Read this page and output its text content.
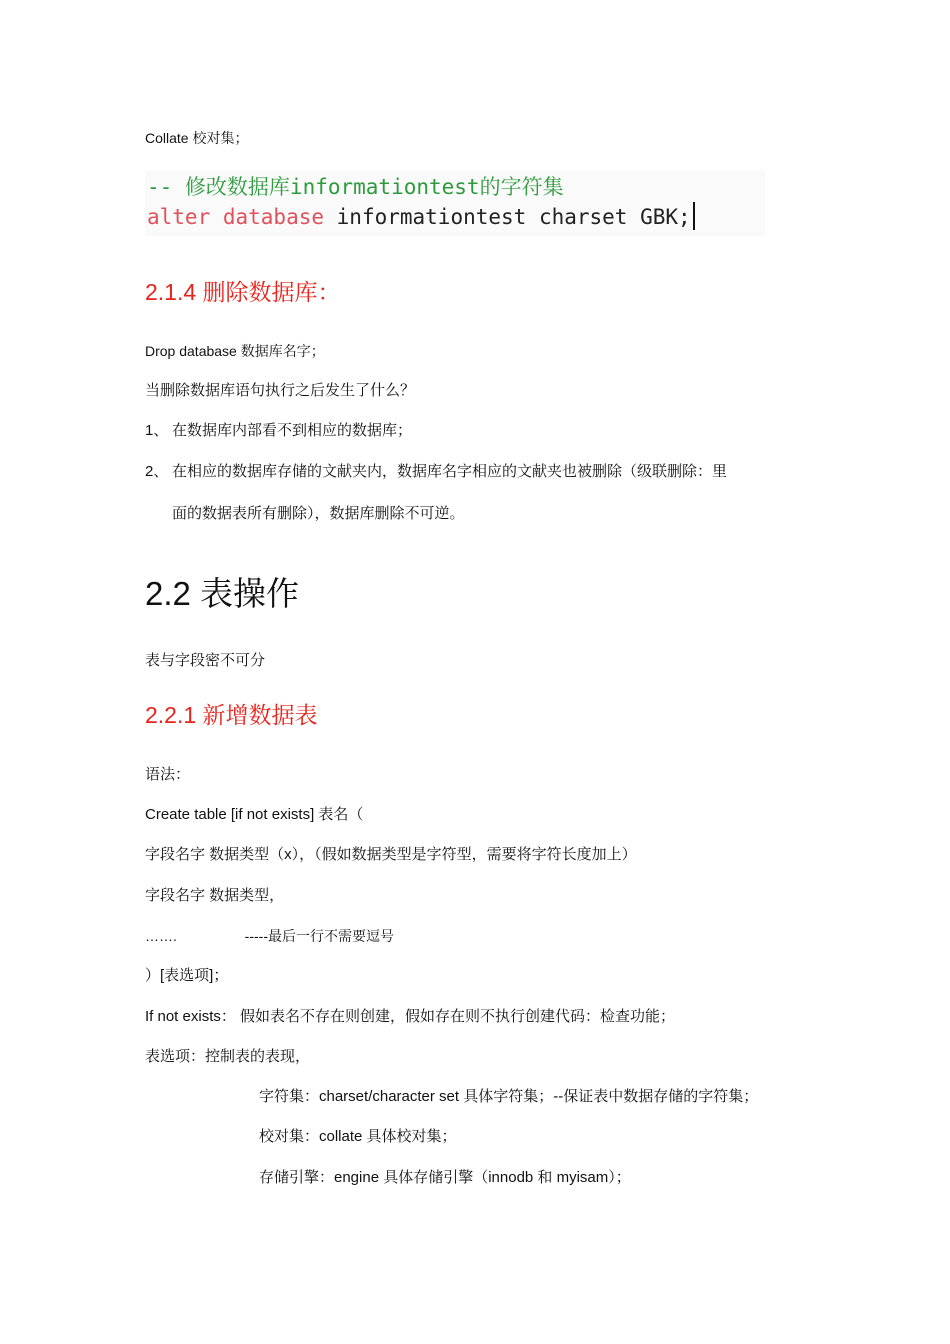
Collate 校对集；
-- 修改数据库informationtest的字符集
alter database informationtest charset GBK;
2.1.4 删除数据库：
Drop database 数据库名字；
当删除数据库语句执行之后发生了什么？
1、 在数据库内部看不到相应的数据库；
2、 在相应的数据库存储的文献夹内，数据库名字相应的文献夹也被删除（级联删除：里
面的数据表所有删除），数据库删除不可逆。
2.2 表操作
表与字段密不可分
2.2.1 新增数据表
语法：
Create table [if not exists] 表名（
字段名字 数据类型（x），（假如数据类型是字符型，需要将字符长度加上）
字段名字 数据类型，
…….	-----最后一行不需要逗号
）[表选项]；
If not exists： 假如表名不存在则创建，假如存在则不执行创建代码：检查功能；
表选项：控制表的表现，
字符集：charset/character set 具体字符集；--保证表中数据存储的字符集；
校对集：collate 具体校对集；
存储引擎：engine 具体存储引擎（innodb 和 myisam）；
